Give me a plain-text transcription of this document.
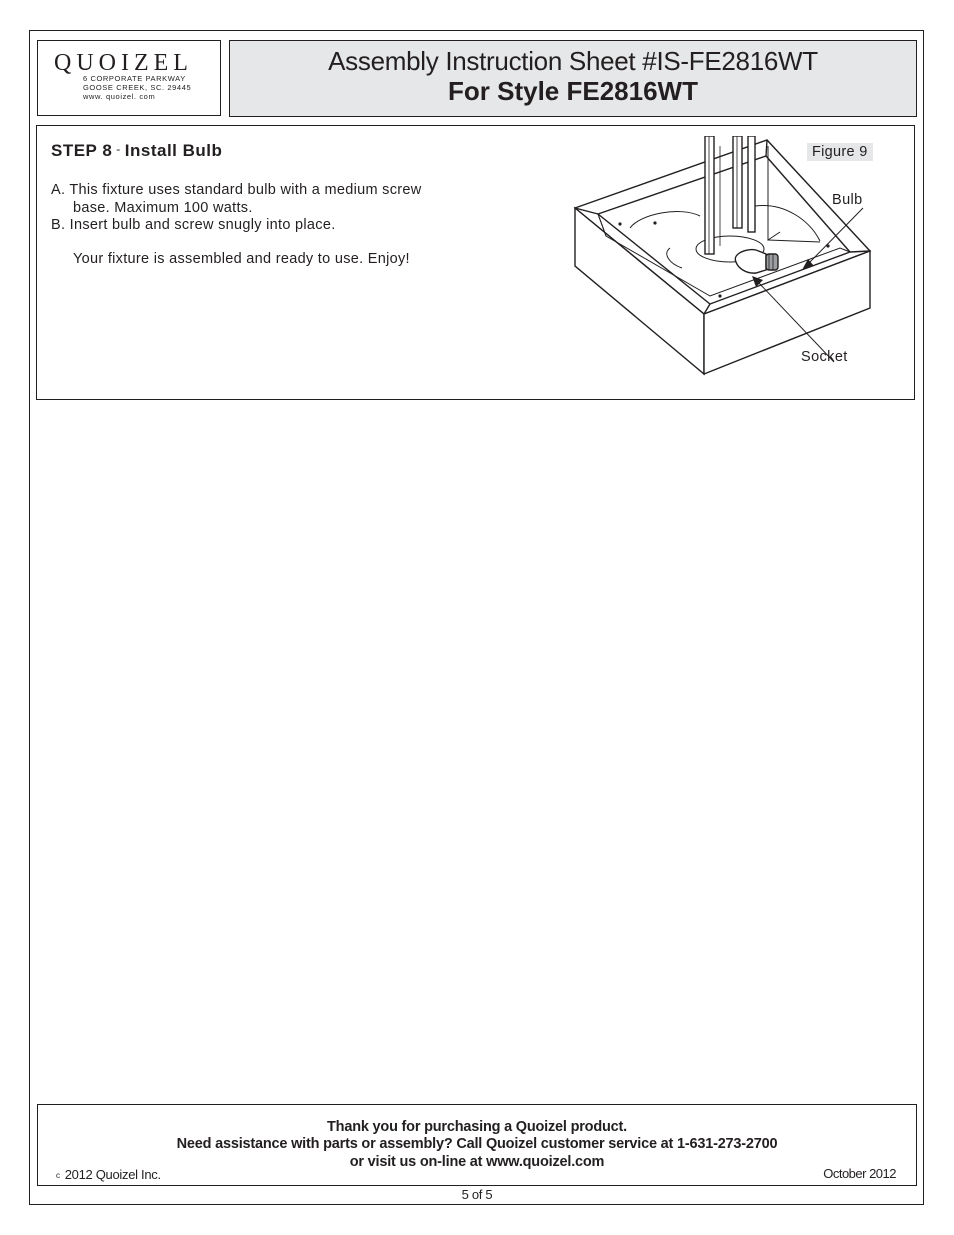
QUOIZEL
6 CORPORATE PARKWAY
GOOSE CREEK, SC. 29445
www. quoizel. com
Assembly Instruction Sheet #IS-FE2816WT
For Style FE2816WT
STEP 8 - Install Bulb
A. This fixture uses standard bulb with a medium screw
base. Maximum 100 watts.
B. Insert bulb and screw snugly into place.
Your fixture is assembled and ready to use. Enjoy!
Figure 9
Bulb
Socket
Thank you for purchasing a Quoizel product.
Need assistance with parts or assembly? Call Quoizel customer service at 1-631-273-2700
or visit us on-line at www.quoizel.com
c 2012 Quoizel Inc.	October 2012
5 of 5
